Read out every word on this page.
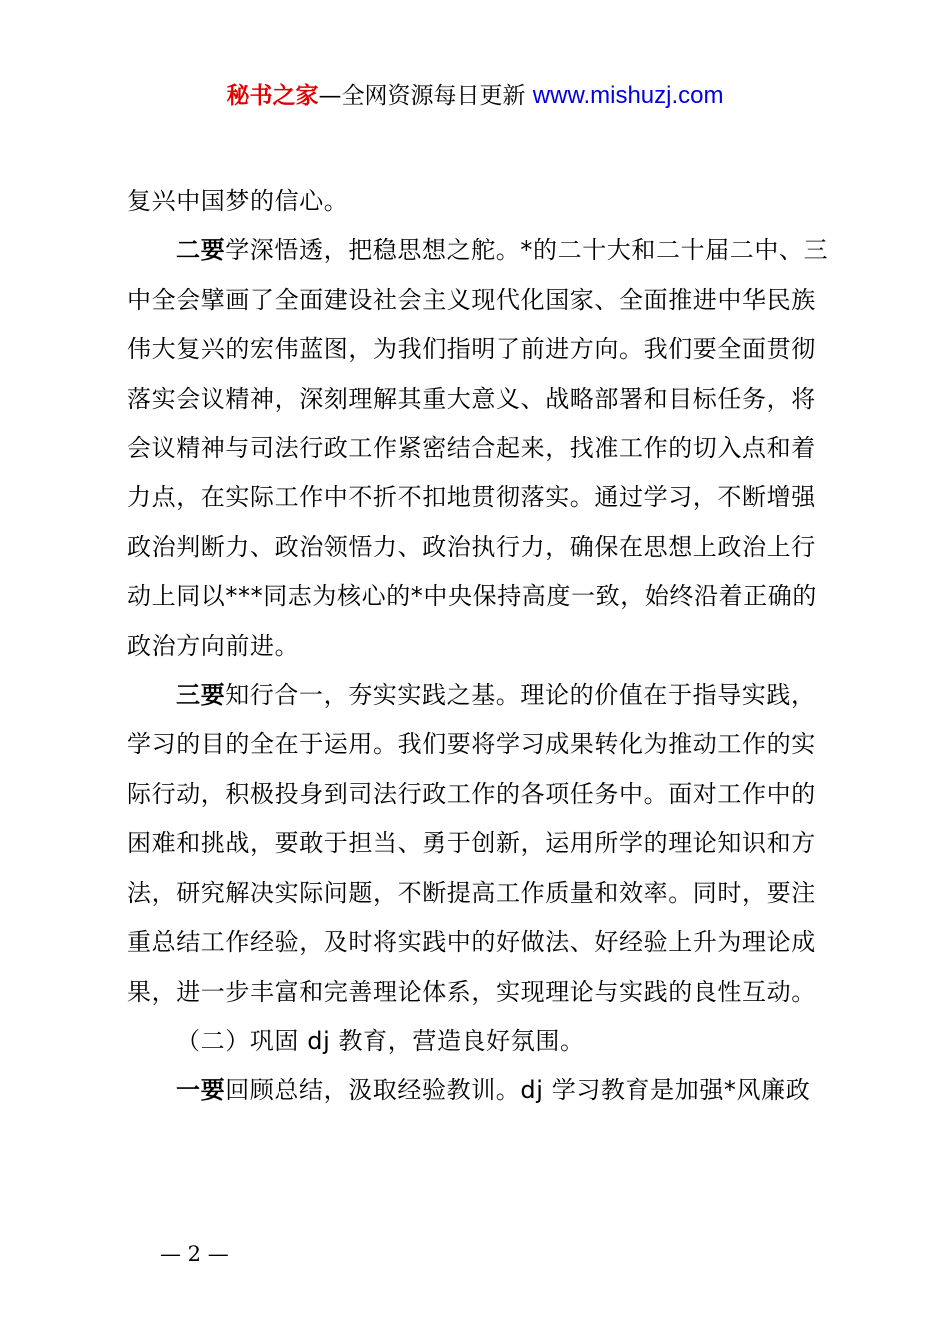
秘书之家—全网资源每日更新 www.mishuzj.com

复兴中国梦的信心。

二要学深悟透，把稳思想之舵。*的二十大和二十届二中、三中全会擘画了全面建设社会主义现代化国家、全面推进中华民族伟大复兴的宏伟蓝图，为我们指明了前进方向。我们要全面贯彻落实会议精神，深刻理解其重大意义、战略部署和目标任务，将会议精神与司法行政工作紧密结合起来，找准工作的切入点和着力点，在实际工作中不折不扣地贯彻落实。通过学习，不断增强政治判断力、政治领悟力、政治执行力，确保在思想上政治上行动上同以***同志为核心的*中央保持高度一致，始终沿着正确的政治方向前进。

三要知行合一，夯实实践之基。理论的价值在于指导实践，学习的目的全在于运用。我们要将学习成果转化为推动工作的实际行动，积极投身到司法行政工作的各项任务中。面对工作中的困难和挑战，要敢于担当、勇于创新，运用所学的理论知识和方法，研究解决实际问题，不断提高工作质量和效率。同时，要注重总结工作经验，及时将实践中的好做法、好经验上升为理论成果，进一步丰富和完善理论体系，实现理论与实践的良性互动。

（二）巩固 dj 教育，营造良好氛围。

一要回顾总结，汲取经验教训。dj 学习教育是加强*风廉政

— 2 —
